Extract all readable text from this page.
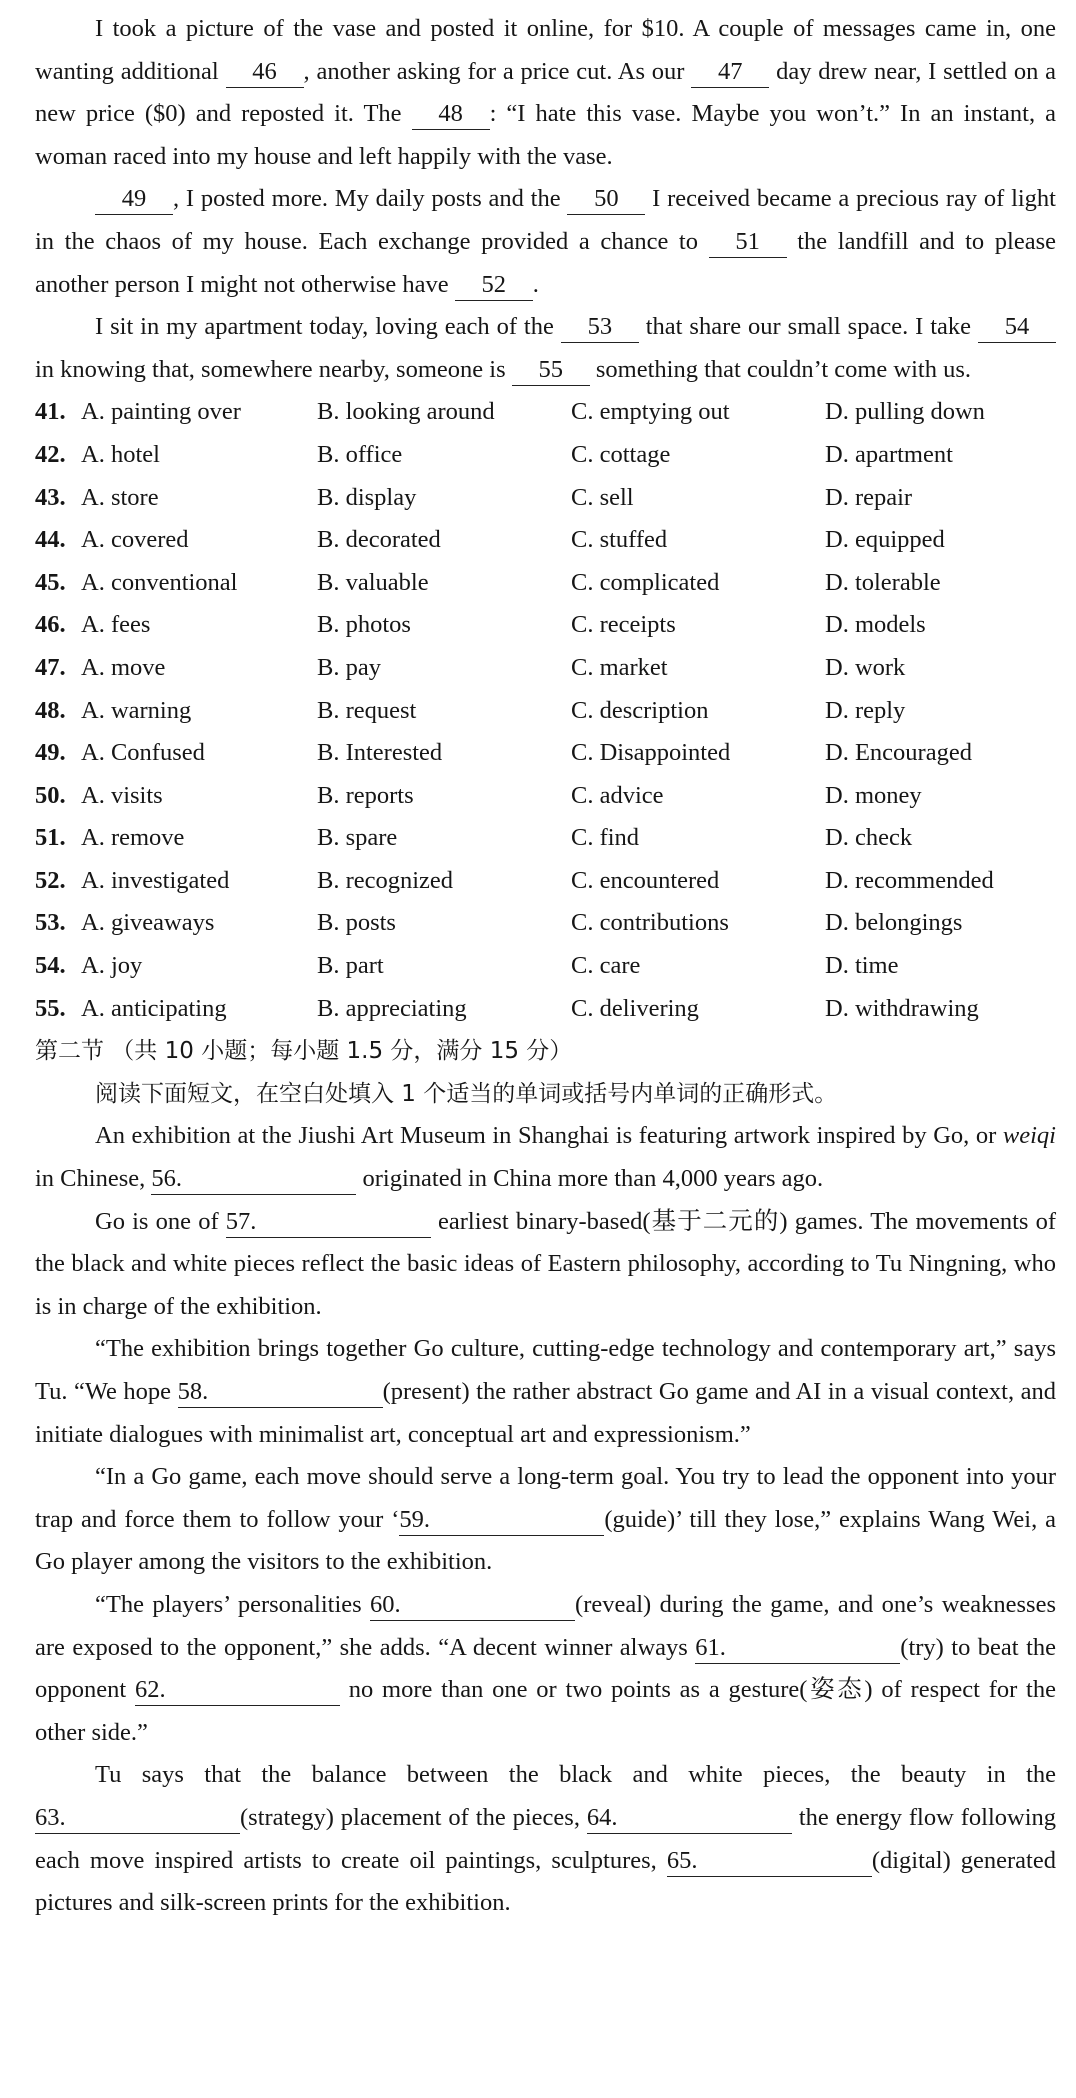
I took a picture of the vase and posted it online, for $10. A couple of messages came in, one wanting additional 46 , another asking for a price cut. As our 47 day drew near, I settled on a new price ($0) and reposted it. The 48 : “I hate this vase. Maybe you won’t.” In an instant, a woman raced into my house and left happily with the vase.

49 , I posted more. My daily posts and the 50 I received became a precious ray of light in the chaos of my house. Each exchange provided a chance to 51 the landfill and to please another person I might not otherwise have 52 .

I sit in my apartment today, loving each of the 53 that share our small space. I take 54 in knowing that, somewhere nearby, someone is 55 something that couldn’t come with us.

41. A. painting over	B. looking around	C. emptying out	D. pulling down
42. A. hotel	B. office	C. cottage	D. apartment
43. A. store	B. display	C. sell	D. repair
44. A. covered	B. decorated	C. stuffed	D. equipped
45. A. conventional	B. valuable	C. complicated	D. tolerable
46. A. fees	B. photos	C. receipts	D. models
47. A. move	B. pay	C. market	D. work
48. A. warning	B. request	C. description	D. reply
49. A. Confused	B. Interested	C. Disappointed	D. Encouraged
50. A. visits	B. reports	C. advice	D. money
51. A. remove	B. spare	C. find	D. check
52. A. investigated	B. recognized	C. encountered	D. recommended
53. A. giveaways	B. posts	C. contributions	D. belongings
54. A. joy	B. part	C. care	D. time
55. A. anticipating	B. appreciating	C. delivering	D. withdrawing
第二节 （共 10 小题；每小题 1.5 分，满分 15 分）
阅读下面短文，在空白处填入 1 个适当的单词或括号内单词的正确形式。

An exhibition at the Jiushi Art Museum in Shanghai is featuring artwork inspired by Go, or weiqi in Chinese, 56.	originated in China more than 4,000 years ago.

Go is one of 57.	earliest binary-based(基于二元的) games. The movements of the black and white pieces reflect the basic ideas of Eastern philosophy, according to Tu Ningning, who is in charge of the exhibition.

“The exhibition brings together Go culture, cutting-edge technology and contemporary art,” says Tu. “We hope 58.	(present) the rather abstract Go game and AI in a visual context, and initiate dialogues with minimalist art, conceptual art and expressionism.”

“In a Go game, each move should serve a long-term goal. You try to lead the opponent into your trap and force them to follow your ‘59.	(guide)’ till they lose,” explains Wang Wei, a Go player among the visitors to the exhibition.

“The players’ personalities 60.	(reveal) during the game, and one’s weaknesses are exposed to the opponent,” she adds. “A decent winner always 61.	(try) to beat the opponent 62.	no more than one or two points as a gesture(姿态) of respect for the other side.”

Tu says that the balance between the black and white pieces, the beauty in the 63.	(strategy) placement of the pieces, 64.	the energy flow following each move inspired artists to create oil paintings, sculptures, 65.	(digital) generated pictures and silk-screen prints for the exhibition.
